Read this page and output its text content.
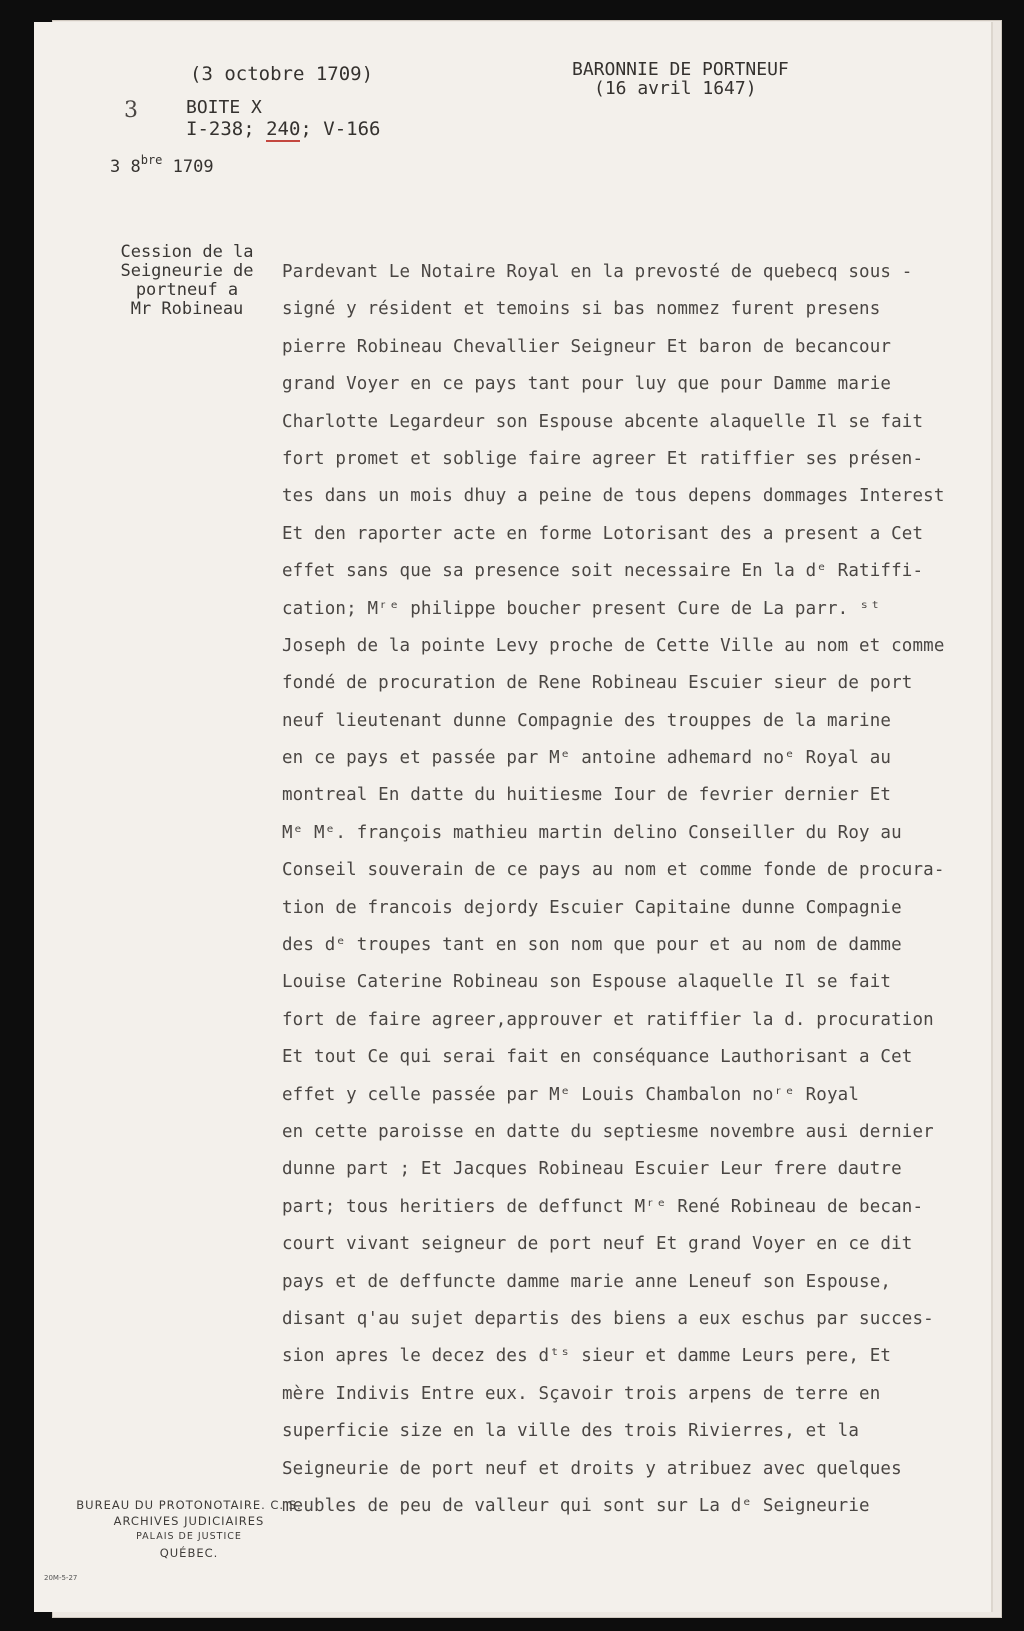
(3 octobre 1709)
3	BOITE X
I-238; 240; V-166
3 $8^{bre}$ 1709
BARONNIE DE PORTNEUF
(16 avril 1647)
Cession de la
Seigneurie de
portneuf a
Mr Robineau
Pardevant Le Notaire Royal en la prevosté de quebecq sous -
signé y résident et temoins si bas nommez furent presens
pierre Robineau Chevallier Seigneur Et baron de becancour
grand Voyer en ce pays tant pour luy que pour Damme marie
Charlotte Legardeur son Espouse abcente alaquelle Il se fait
fort promet et soblige faire agreer Et ratiffier ses présen-
tes dans un mois dhuy a peine de tous depens dommages Interest
Et den raporter acte en forme Lotorisant des a present a Cet
effet sans que sa presence soit necessaire En la dᵉ Ratiffi-
cation; Mʳᵉ philippe boucher present Cure de La parr. ˢᵗ
Joseph de la pointe Levy proche de Cette Ville au nom et comme
fondé de procuration de Rene Robineau Escuier sieur de port
neuf lieutenant dunne Compagnie des trouppes de la marine
en ce pays et passée par Mᵉ antoine adhemard noᵉ Royal au
montreal En datte du huitiesme Iour de fevrier dernier Et
Mᵉ Mᵉ. françois mathieu martin delino Conseiller du Roy au
Conseil souverain de ce pays au nom et comme fonde de procura-
tion de francois dejordy Escuier Capitaine dunne Compagnie
des dᵉ troupes tant en son nom que pour et au nom de damme
Louise Caterine Robineau son Espouse alaquelle Il se fait
fort de faire agreer,approuver et ratiffier la d. procuration
Et tout Ce qui serai fait en conséquance Lauthorisant a Cet
effet y celle passée par Mᵉ Louis Chambalon noʳᵉ Royal
en cette paroisse en datte du septiesme novembre ausi dernier
dunne part ; Et Jacques Robineau Escuier Leur frere dautre
part; tous heritiers de deffunct Mʳᵉ René Robineau de becan-
court vivant seigneur de port neuf Et grand Voyer en ce dit
pays et de deffuncte damme marie anne Leneuf son Espouse,
disant q'au sujet departis des biens a eux eschus par succes-
sion apres le decez des dᵗˢ sieur et damme Leurs pere, Et
mère Indivis Entre eux. Sçavoir trois arpens de terre en
superficie size en la ville des trois Rivierres, et la
Seigneurie de port neuf et droits y atribuez avec quelques
meubles de peu de valleur qui sont sur La dᵉ Seigneurie
BUREAU DU PROTONOTAIRE. C. S.
ARCHIVES JUDICIAIRES
PALAIS DE JUSTICE
QUÉBEC.
20M-5-27
